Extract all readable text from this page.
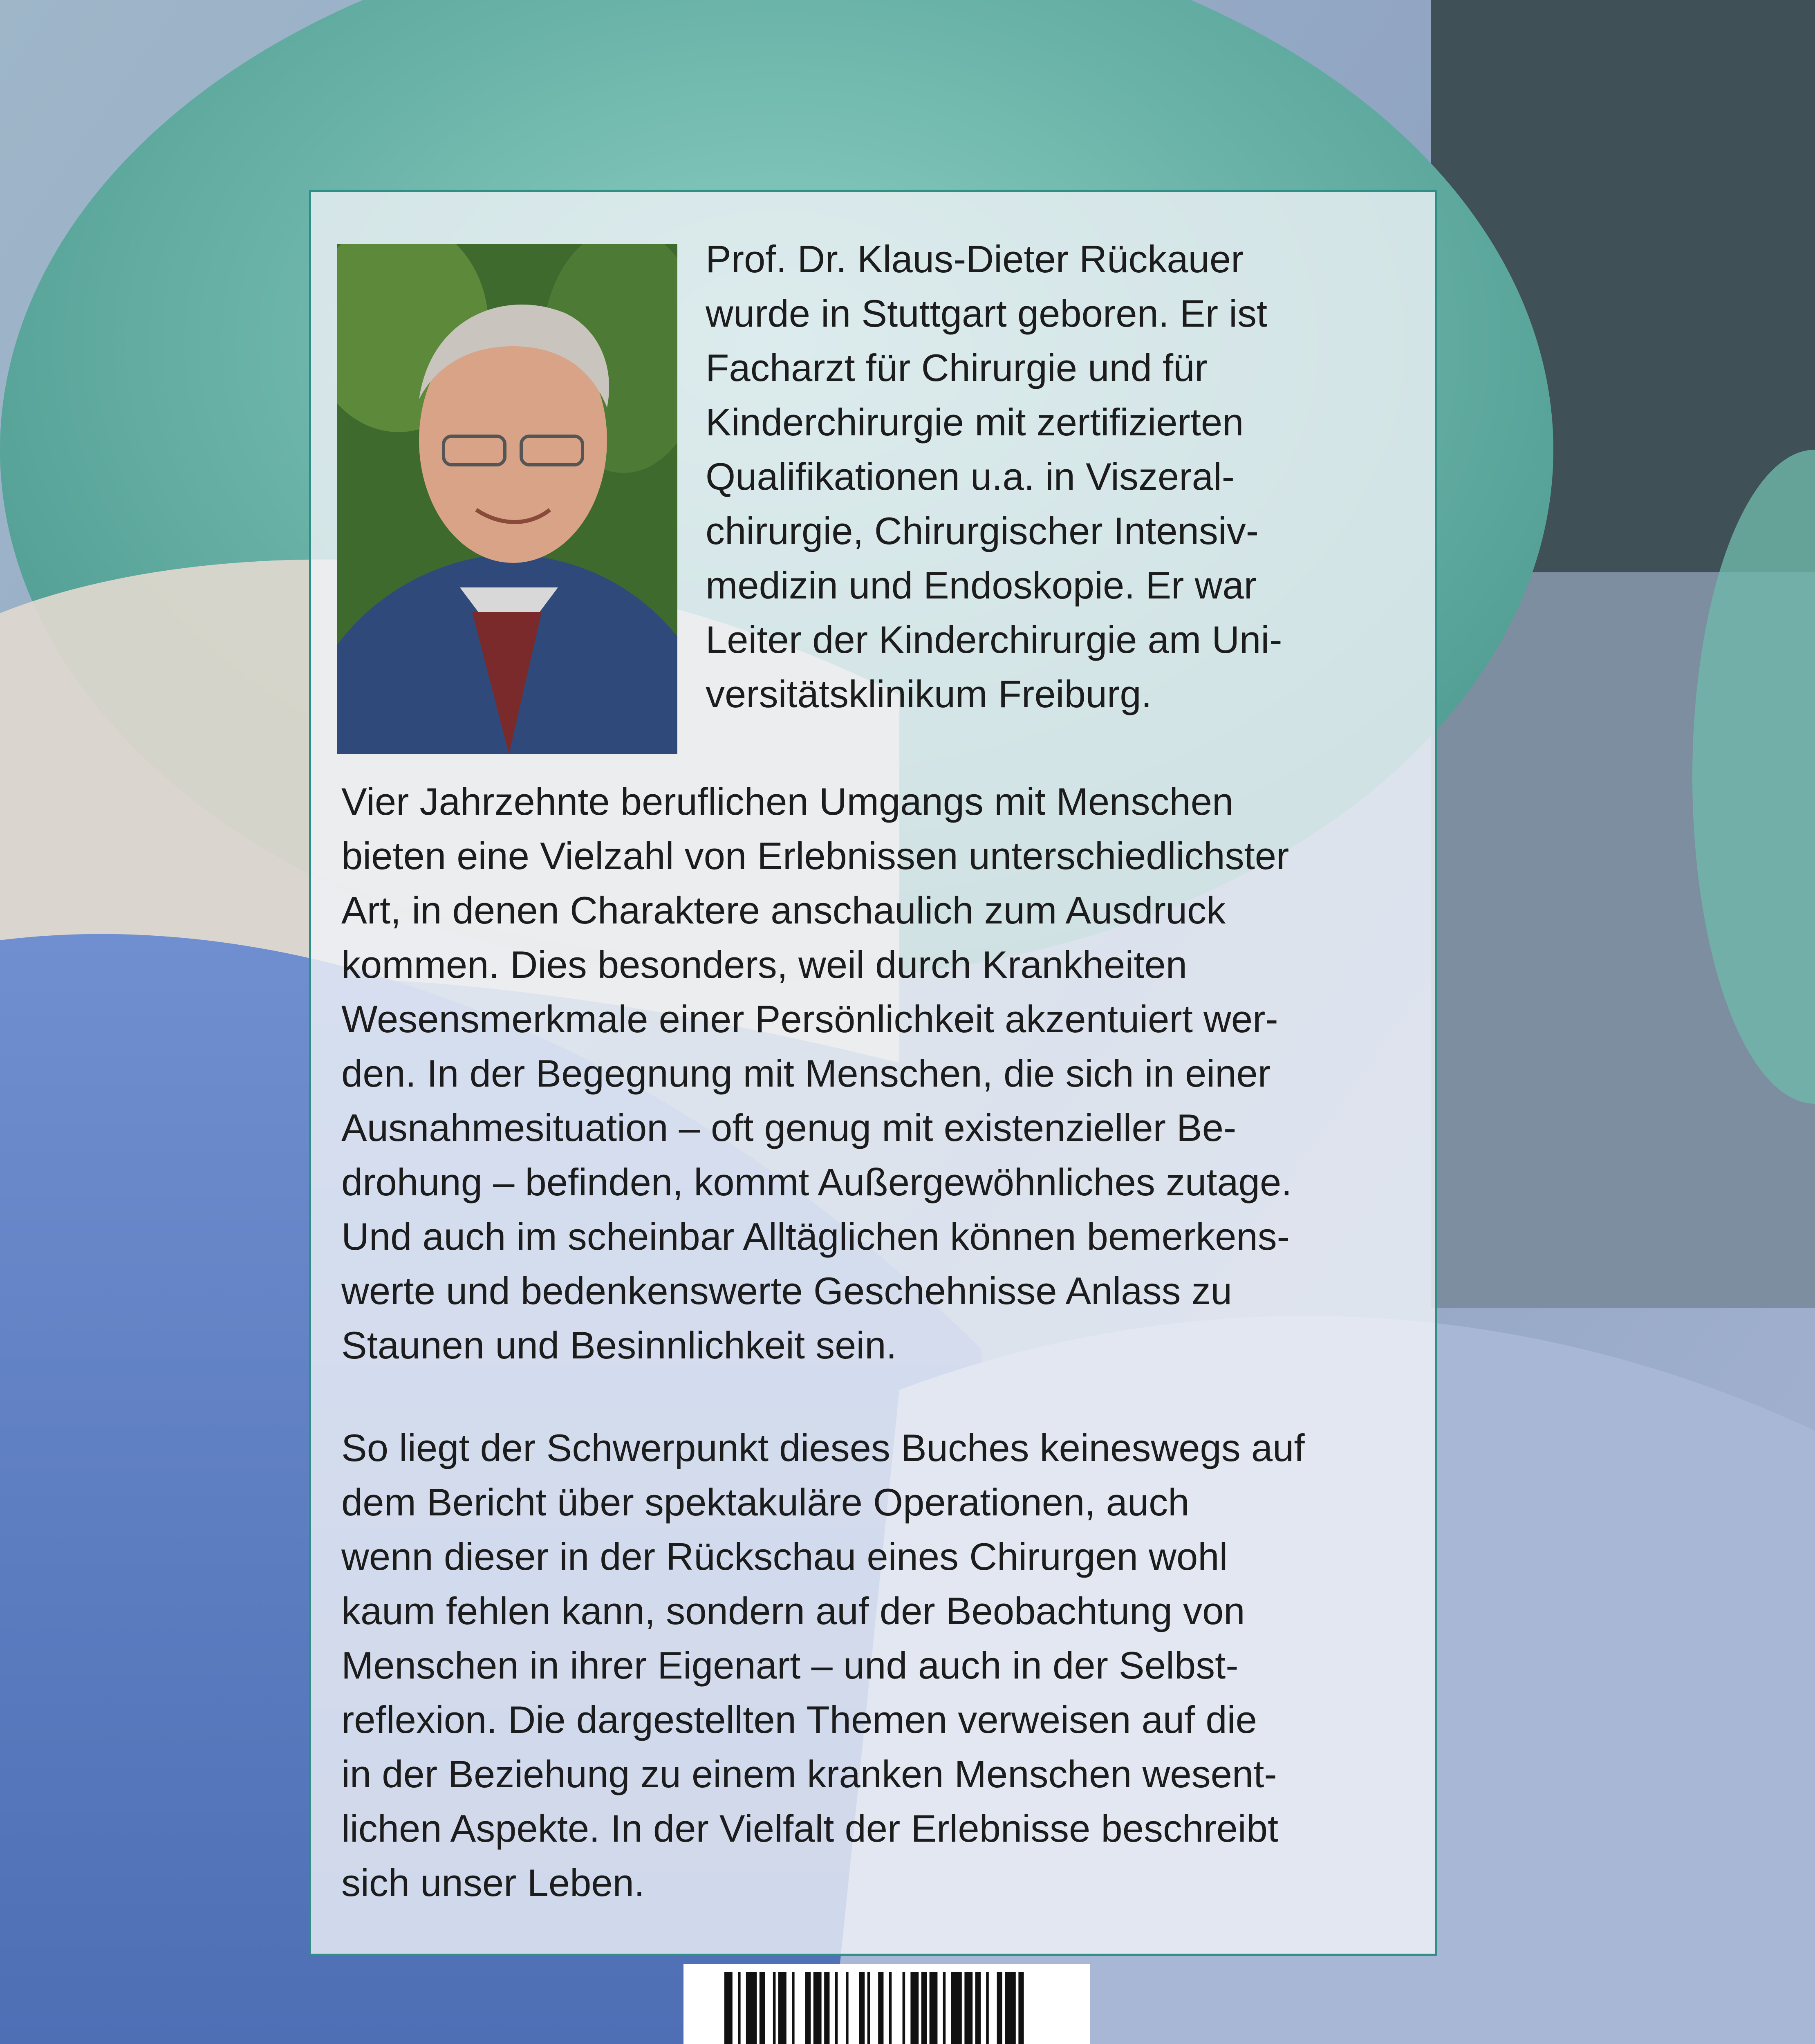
Prof. Dr. Klaus-Dieter Rückauer
wurde in Stuttgart geboren. Er ist
Facharzt für Chirurgie und für
Kinderchirurgie mit zertifizierten
Qualifikationen u.a. in Viszeral-
chirurgie, Chirurgischer Intensiv-
medizin und Endoskopie. Er war
Leiter der Kinderchirurgie am Uni-
versitätsklinikum Freiburg.
Vier Jahrzehnte beruflichen Umgangs mit Menschen
bieten eine Vielzahl von Erlebnissen unterschiedlichster
Art, in denen Charaktere anschaulich zum Ausdruck
kommen. Dies besonders, weil durch Krankheiten
Wesensmerkmale einer Persönlichkeit akzentuiert wer-
den. In der Begegnung mit Menschen, die sich in einer
Ausnahmesituation – oft genug mit existenzieller Be-
drohung – befinden, kommt Außergewöhnliches zutage.
Und auch im scheinbar Alltäglichen können bemerkens-
werte und bedenkenswerte Geschehnisse Anlass zu
Staunen und Besinnlichkeit sein.
So liegt der Schwerpunkt dieses Buches keineswegs auf
dem Bericht über spektakuläre Operationen, auch
wenn dieser in der Rückschau eines Chirurgen wohl
kaum fehlen kann, sondern auf der Beobachtung von
Menschen in ihrer Eigenart – und auch in der Selbst-
reflexion. Die dargestellten Themen verweisen auf die
in der Beziehung zu einem kranken Menschen wesent-
lichen Aspekte. In der Vielfalt der Erlebnisse beschreibt
sich unser Leben.
